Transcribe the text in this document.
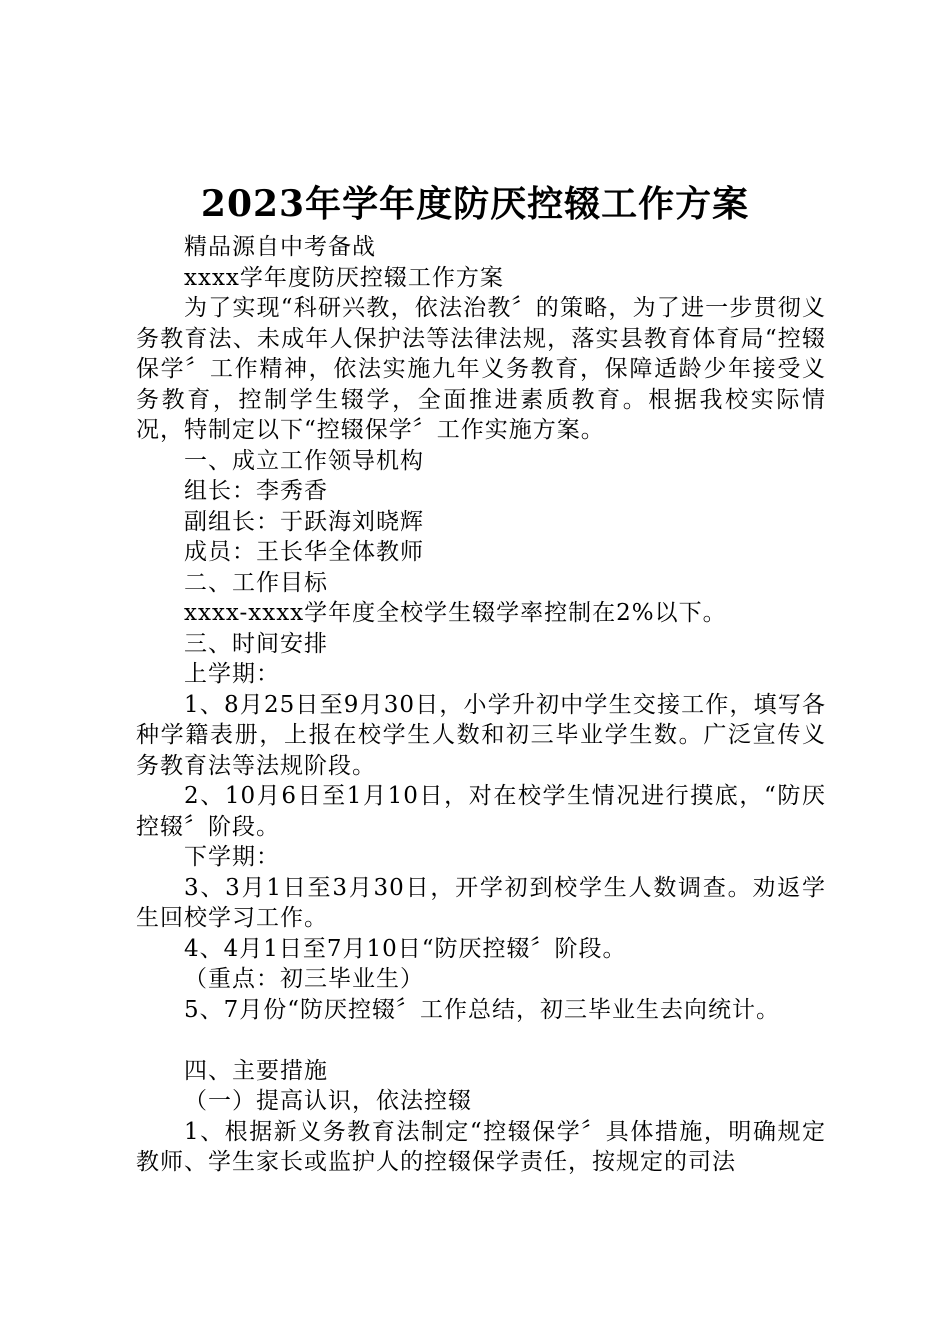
2023年学年度防厌控辍工作方案

精品源自中考备战

xxxx学年度防厌控辍工作方案

为了实现“科研兴教，依法治教〞的策略，为了进一步贯彻义务教育法、未成年人保护法等法律法规，落实县教育体育局“控辍保学〞工作精神，依法实施九年义务教育，保障适龄少年接受义务教育，控制学生辍学，全面推进素质教育。根据我校实际情况，特制定以下“控辍保学〞工作实施方案。

一、成立工作领导机构

组长：李秀香

副组长：于跃海刘晓辉

成员：王长华全体教师

二、工作目标

xxxx-xxxx学年度全校学生辍学率控制在2%以下。

三、时间安排

上学期：

1、8月25日至9月30日，小学升初中学生交接工作，填写各种学籍表册，上报在校学生人数和初三毕业学生数。广泛宣传义务教育法等法规阶段。

2、10月6日至1月10日，对在校学生情况进行摸底，“防厌控辍〞阶段。

下学期：

3、3月1日至3月30日，开学初到校学生人数调查。劝返学生回校学习工作。

4、4月1日至7月10日“防厌控辍〞阶段。

（重点：初三毕业生）

5、7月份“防厌控辍〞工作总结，初三毕业生去向统计。

四、主要措施

（一）提高认识，依法控辍

1、根据新义务教育法制定“控辍保学〞具体措施，明确规定教师、学生家长或监护人的控辍保学责任，按规定的司法
